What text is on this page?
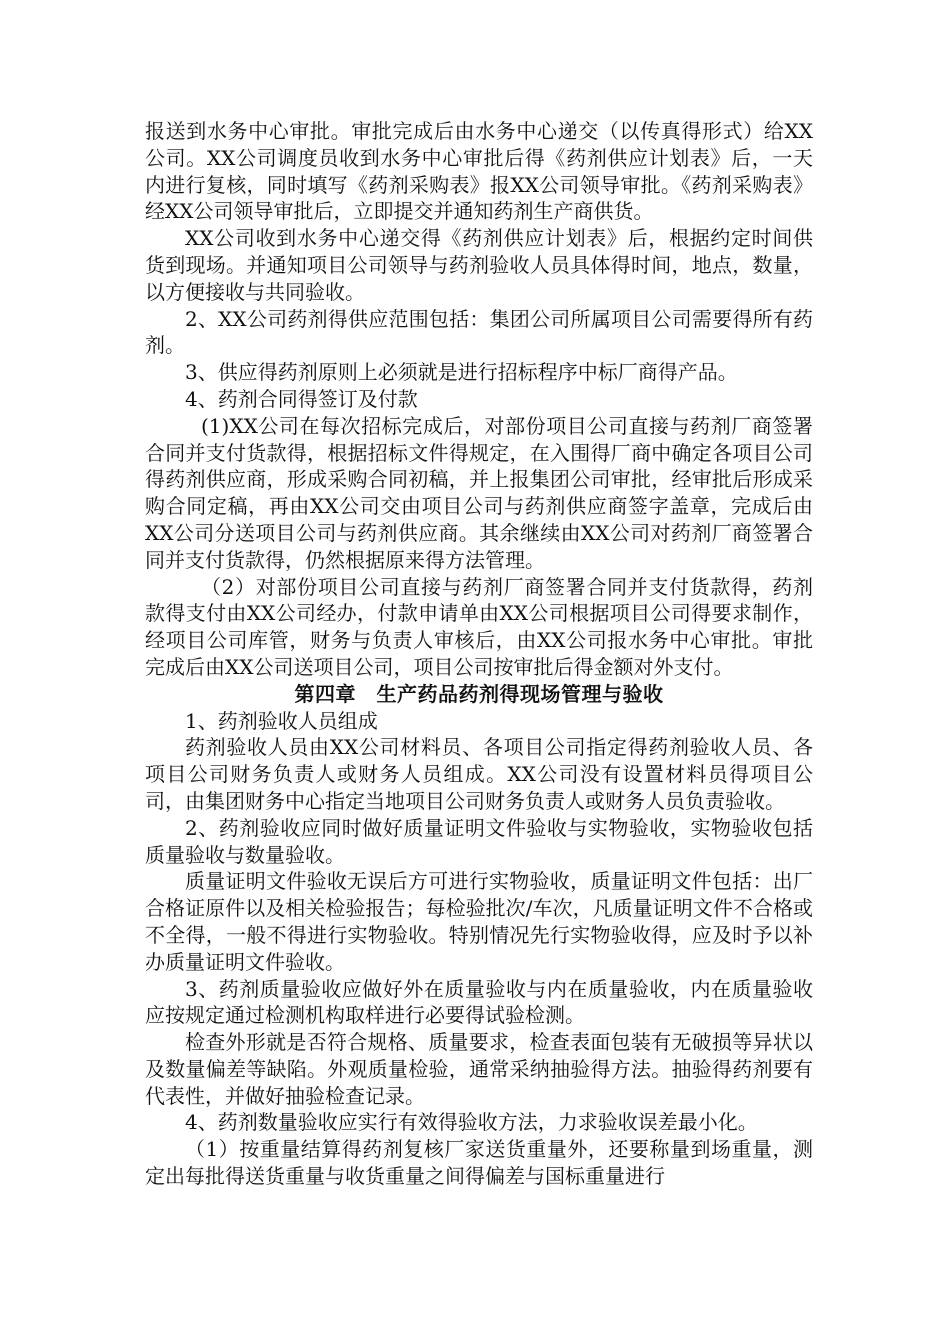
报送到水务中心审批。审批完成后由水务中心递交（以传真得形式）给XX公司。XX公司调度员收到水务中心审批后得《药剂供应计划表》后，一天内进行复核，同时填写《药剂采购表》报XX公司领导审批。《药剂采购表》经XX公司领导审批后，立即提交并通知药剂生产商供货。

XX公司收到水务中心递交得《药剂供应计划表》后，根据约定时间供货到现场。并通知项目公司领导与药剂验收人员具体得时间，地点，数量，以方便接收与共同验收。

2、XX公司药剂得供应范围包括：集团公司所属项目公司需要得所有药剂。

3、供应得药剂原则上必须就是进行招标程序中标厂商得产品。

4、药剂合同得签订及付款

(1)XX公司在每次招标完成后，对部份项目公司直接与药剂厂商签署合同并支付货款得，根据招标文件得规定，在入围得厂商中确定各项目公司得药剂供应商，形成采购合同初稿，并上报集团公司审批，经审批后形成采购合同定稿，再由XX公司交由项目公司与药剂供应商签字盖章，完成后由XX公司分送项目公司与药剂供应商。其余继续由XX公司对药剂厂商签署合同并支付货款得，仍然根据原来得方法管理。

（2）对部份项目公司直接与药剂厂商签署合同并支付货款得，药剂款得支付由XX公司经办，付款申请单由XX公司根据项目公司得要求制作，经项目公司库管，财务与负责人审核后，由XX公司报水务中心审批。审批完成后由XX公司送项目公司，项目公司按审批后得金额对外支付。

第四章　生产药品药剂得现场管理与验收

1、药剂验收人员组成

药剂验收人员由XX公司材料员、各项目公司指定得药剂验收人员、各项目公司财务负责人或财务人员组成。XX公司没有设置材料员得项目公司，由集团财务中心指定当地项目公司财务负责人或财务人员负责验收。

2、药剂验收应同时做好质量证明文件验收与实物验收，实物验收包括质量验收与数量验收。

质量证明文件验收无误后方可进行实物验收，质量证明文件包括：出厂合格证原件以及相关检验报告；每检验批次/车次，凡质量证明文件不合格或不全得，一般不得进行实物验收。特别情况先行实物验收得，应及时予以补办质量证明文件验收。

3、药剂质量验收应做好外在质量验收与内在质量验收，内在质量验收应按规定通过检测机构取样进行必要得试验检测。

检查外形就是否符合规格、质量要求，检查表面包装有无破损等异状以及数量偏差等缺陷。外观质量检验，通常采纳抽验得方法。抽验得药剂要有代表性，并做好抽验检查记录。

4、药剂数量验收应实行有效得验收方法，力求验收误差最小化。

（1）按重量结算得药剂复核厂家送货重量外，还要称量到场重量，测定出每批得送货重量与收货重量之间得偏差与国标重量进行
